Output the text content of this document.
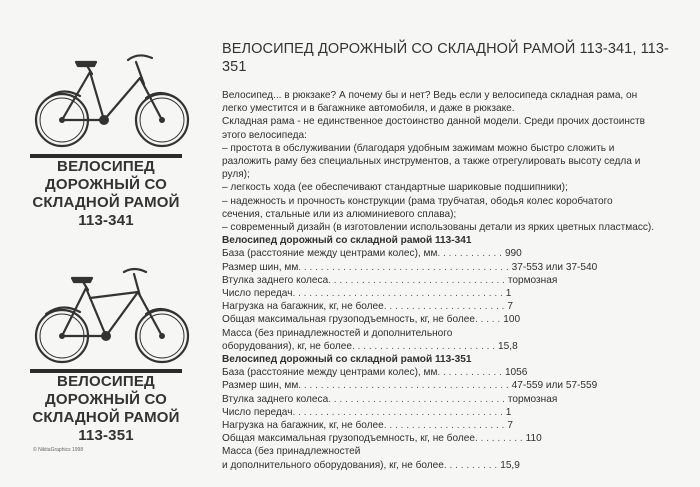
ВЕЛОСИПЕД
ДОРОЖНЫЙ СО
СКЛАДНОЙ РАМОЙ
113-341
ВЕЛОСИПЕД
ДОРОЖНЫЙ СО
СКЛАДНОЙ РАМОЙ
113-351
© NikitaGraphics 1998
ВЕЛОСИПЕД ДОРОЖНЫЙ СО СКЛАДНОЙ РАМОЙ 113-341, 113-351

Велосипед... в рюкзаке? А почему бы и нет? Ведь если у велосипеда складная рама, он

легко уместится и в багажнике автомобиля, и даже в рюкзаке.

Складная рама - не единственное достоинство данной модели. Среди прочих достоинств

этого велосипеда:

– простота в обслуживании (благодаря удобным зажимам можно быстро сложить и

разложить раму без специальных инструментов, а также отрегулировать высоту седла и

руля);

– легкость хода (ее обеспечивают стандартные шариковые подшипники);

– надежность и прочность конструкции (рама трубчатая, ободья колес коробчатого

сечения, стальные или из алюминиевого сплава);

– современный дизайн (в изготовлении использованы детали из ярких цветных пластмасс).

Велосипед дорожный со складной рамой 113-341

База (расстояние между центрами колес), мм . . . . . . . . . . . . 990
Размер шин, мм . . . . . . . . . . . . . . . . . . . . . . . . . . . . . . . . . . . . . . 37-553 или 37-540
Втулка заднего колеса . . . . . . . . . . . . . . . . . . . . . . . . . . . . . . . . тормозная
Число передач . . . . . . . . . . . . . . . . . . . . . . . . . . . . . . . . . . . . . . 1
Нагрузка на багажник, кг, не более . . . . . . . . . . . . . . . . . . . . . . 7
Общая максимальная грузоподъемность, кг, не более . . . . . 100
Масса (без принадлежностей и дополнительного
оборудования), кг, не более . . . . . . . . . . . . . . . . . . . . . . . . . . 15,8

Велосипед дорожный со складной рамой 113-351

База (расстояние между центрами колес), мм . . . . . . . . . . . . 1056
Размер шин, мм . . . . . . . . . . . . . . . . . . . . . . . . . . . . . . . . . . . . . . 47-559 или 57-559
Втулка заднего колеса . . . . . . . . . . . . . . . . . . . . . . . . . . . . . . . . тормозная
Число передач . . . . . . . . . . . . . . . . . . . . . . . . . . . . . . . . . . . . . . 1
Нагрузка на багажник, кг, не более . . . . . . . . . . . . . . . . . . . . . . 7
Общая максимальная грузоподъемность, кг, не более . . . . . . . . . 110
Масса (без принадлежностей
и дополнительного оборудования), кг, не более . . . . . . . . . . 15,9
